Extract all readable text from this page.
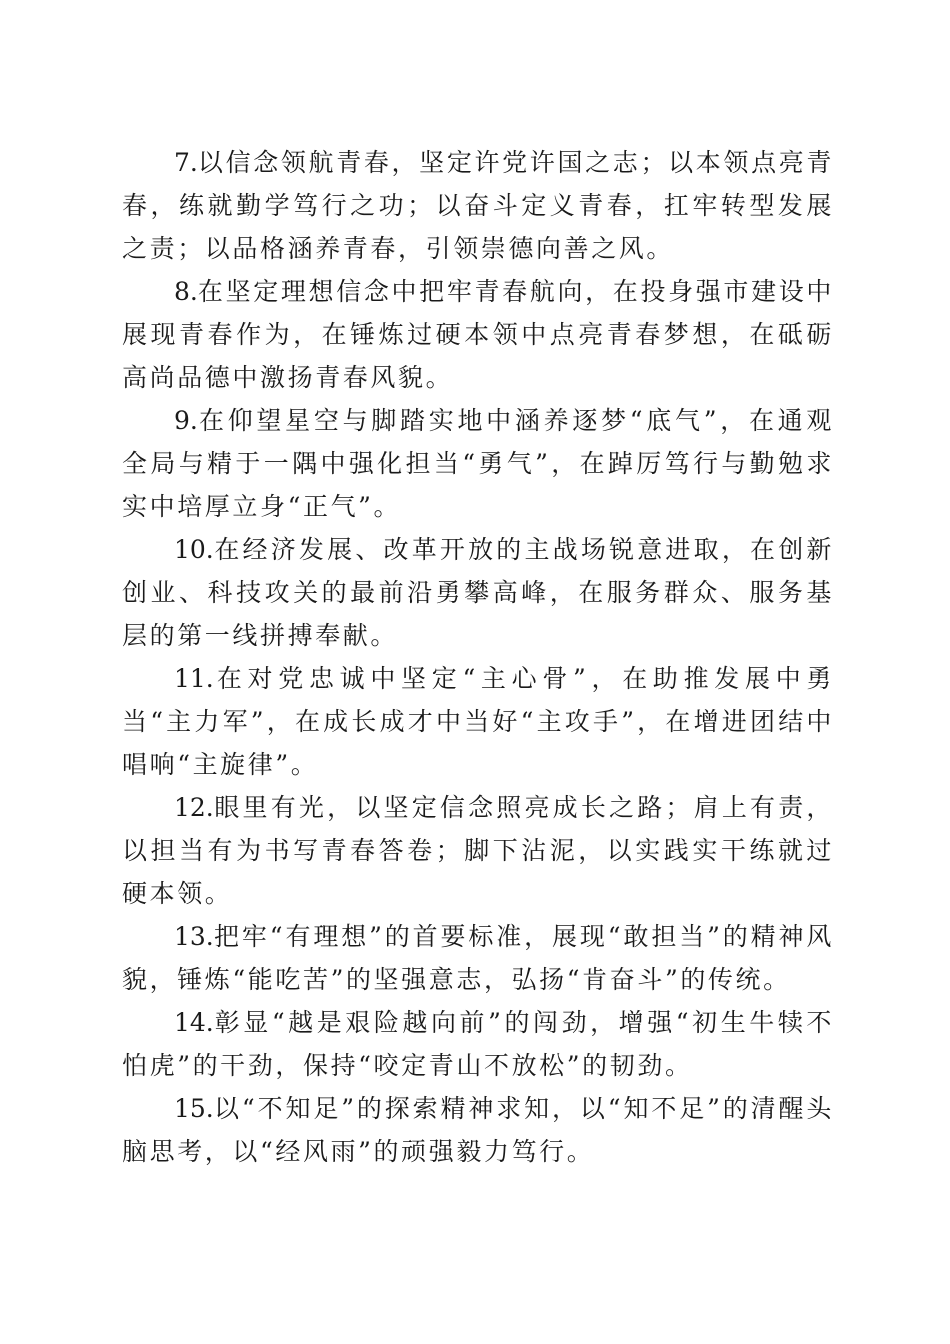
7.以信念领航青春，坚定许党许国之志；以本领点亮青春，练就勤学笃行之功；以奋斗定义青春，扛牢转型发展之责；以品格涵养青春，引领崇德向善之风。

8.在坚定理想信念中把牢青春航向，在投身强市建设中展现青春作为，在锤炼过硬本领中点亮青春梦想，在砥砺高尚品德中激扬青春风貌。

9.在仰望星空与脚踏实地中涵养逐梦“底气”，在通观全局与精于一隅中强化担当“勇气”，在踔厉笃行与勤勉求实中培厚立身“正气”。

10.在经济发展、改革开放的主战场锐意进取，在创新创业、科技攻关的最前沿勇攀高峰，在服务群众、服务基层的第一线拼搏奉献。

11.在对党忠诚中坚定“主心骨”，在助推发展中勇当“主力军”，在成长成才中当好“主攻手”，在增进团结中唱响“主旋律”。

12.眼里有光，以坚定信念照亮成长之路；肩上有责，以担当有为书写青春答卷；脚下沾泥，以实践实干练就过硬本领。

13.把牢“有理想”的首要标准，展现“敢担当”的精神风貌，锤炼“能吃苦”的坚强意志，弘扬“肯奋斗”的传统。

14.彰显“越是艰险越向前”的闯劲，增强“初生牛犊不怕虎”的干劲，保持“咬定青山不放松”的韧劲。

15.以“不知足”的探索精神求知，以“知不足”的清醒头脑思考，以“经风雨”的顽强毅力笃行。
